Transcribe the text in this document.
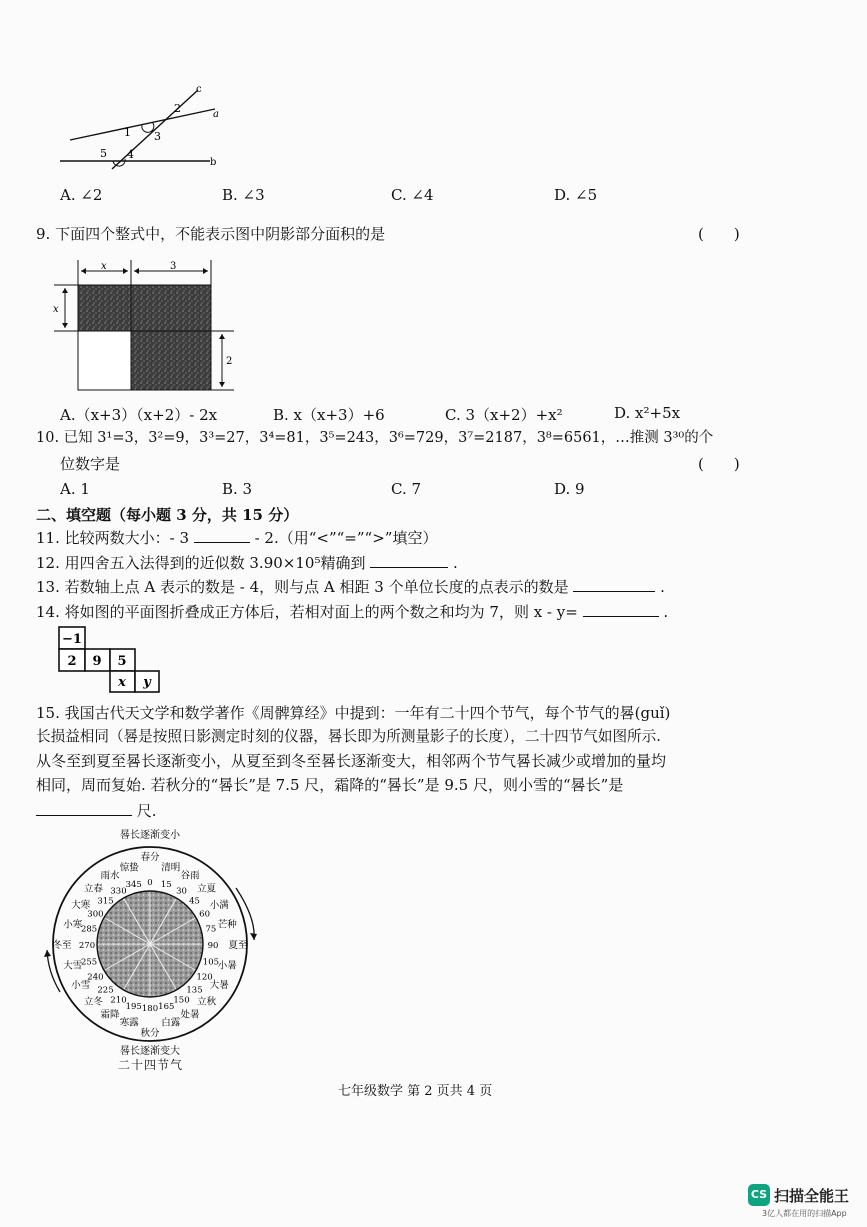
c
2	a
1 3
5 4
b
A. ∠2	B. ∠3	C. ∠4	D. ∠5
9. 下面四个整式中，不能表示图中阴影部分面积的是	(　　)
x	3
x
2
A.（x+3）（x+2）- 2x	B. x（x+3）+6	C. 3（x+2）+x²	D. x²+5x
10. 已知 3¹=3，3²=9，3³=27，3⁴=81，3⁵=243，3⁶=729，3⁷=2187，3⁸=6561，…推测 3³⁰的个
位数字是	(　　)
A. 1	B. 3	C. 7	D. 9
二、填空题（每小题 3 分，共 15 分）
11. 比较两数大小：- 3	- 2.（用“<”“=”“>”填空）
12. 用四舍五入法得到的近似数 3.90×10⁵精确到	.
13. 若数轴上点 A 表示的数是 - 4，则与点 A 相距 3 个单位长度的点表示的数是	.
14. 将如图的平面图折叠成正方体后，若相对面上的两个数之和均为 7，则 x - y=	.
−1
2 9 5
x y
15. 我国古代天文学和数学著作《周髀算经》中提到：一年有二十四个节气，每个节气的晷(guǐ)
长损益相同（晷是按照日影测定时刻的仪器，晷长即为所测量影子的长度），二十四节气如图所示.
从冬至到夏至晷长逐渐变小，从夏至到冬至晷长逐渐变大，相邻两个节气晷长减少或增加的量均
相同，周而复始. 若秋分的“晷长”是 7.5 尺，霜降的“晷长”是 9.5 尺，则小雪的“晷长”是
尺.
晷长逐渐变小
晷长逐渐变大
春分
0
清明
15
谷雨
30 立夏
45 小满
60
芒种
75
夏至
90
小暑
105
大暑
120
立秋
135
处暑
150
白露
165
秋分
180
寒露
195
霜降
210
立冬
225
小雪
240
大雪
255
冬至 270
小寒
285
大寒
300
立春
315
雨水
330
惊蛰
345
二十四节气
七年级数学 第 2 页共 4 页
CS 扫描全能王
3亿人都在用的扫描App
